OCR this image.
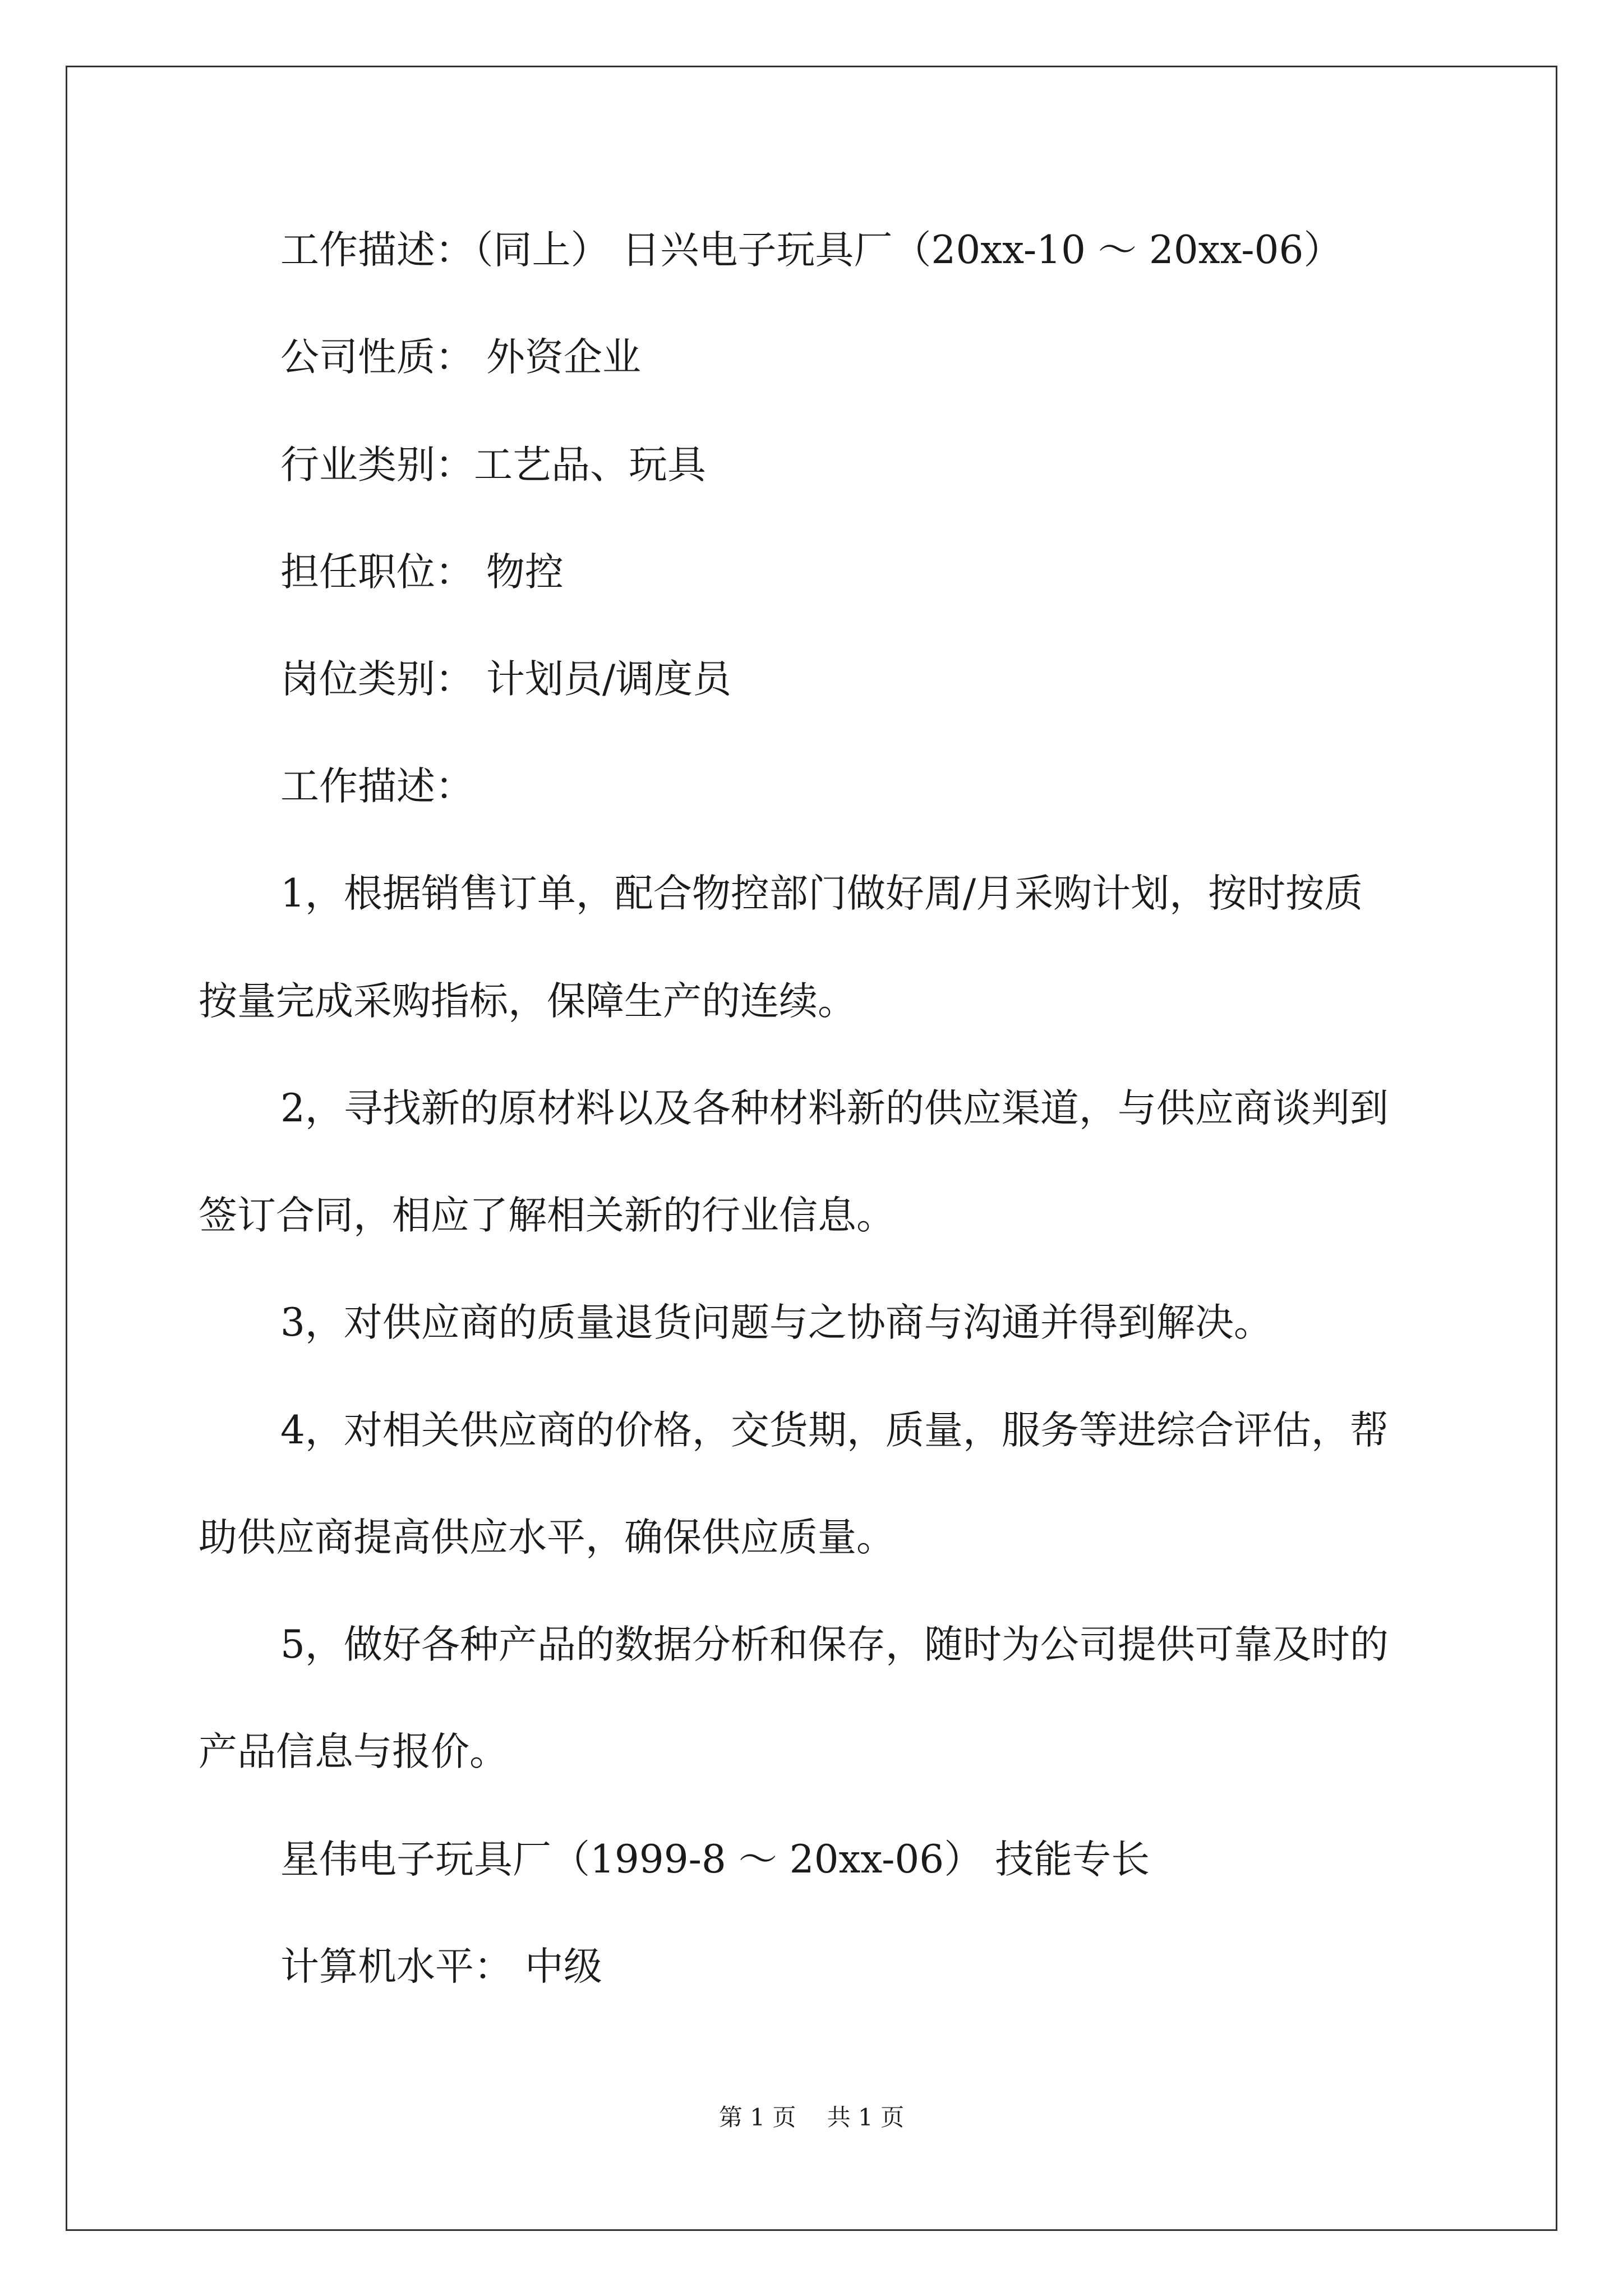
工作描述：（同上） 日兴电子玩具厂（20xx-10 ～ 20xx-06）
公司性质： 外资企业
行业类别：工艺品、玩具
担任职位： 物控
岗位类别： 计划员/调度员
工作描述：
1，根据销售订单，配合物控部门做好周/月采购计划，按时按质
按量完成采购指标，保障生产的连续。
2，寻找新的原材料以及各种材料新的供应渠道，与供应商谈判到
签订合同，相应了解相关新的行业信息。
3，对供应商的质量退货问题与之协商与沟通并得到解决。
4，对相关供应商的价格，交货期，质量，服务等进综合评估，帮
助供应商提高供应水平，确保供应质量。
5，做好各种产品的数据分析和保存，随时为公司提供可靠及时的
产品信息与报价。
星伟电子玩具厂（1999-8 ～ 20xx-06） 技能专长
计算机水平： 中级
第 1 页　 共 1 页
